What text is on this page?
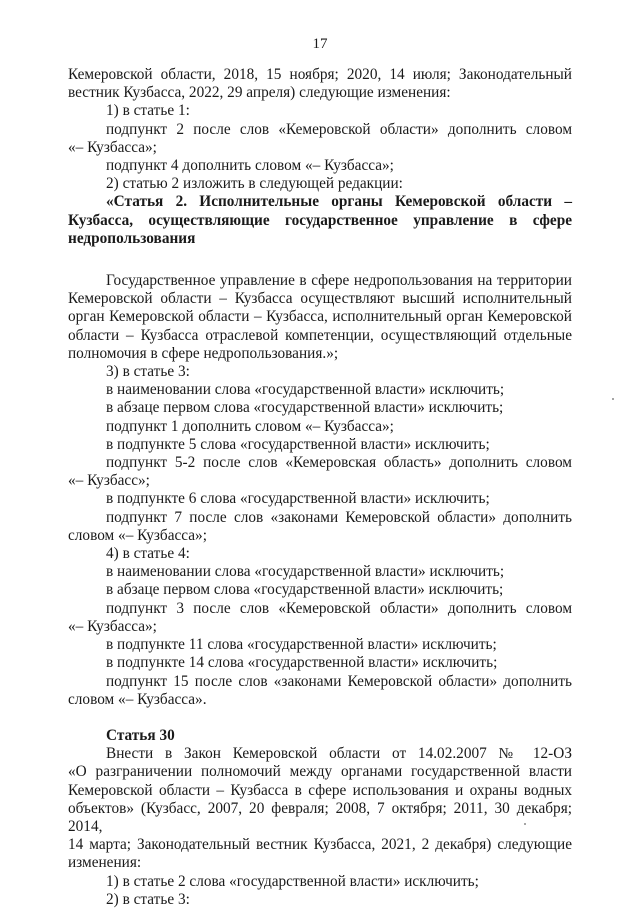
17

Кемеровской области, 2018, 15 ноября; 2020, 14 июля; Законодательный

вестник Кузбасса, 2022, 29 апреля) следующие изменения:

1) в статье 1:

подпункт 2 после слов «Кемеровской области» дополнить словом

«– Кузбасса»;

подпункт 4 дополнить словом «– Кузбасса»;

2) статью 2 изложить в следующей редакции:

«Статья 2. Исполнительные органы Кемеровской области –

Кузбасса, осуществляющие государственное управление в сфере

недропользования

Государственное управление в сфере недропользования на территории

Кемеровской области – Кузбасса осуществляют высший исполнительный

орган Кемеровской области – Кузбасса, исполнительный орган Кемеровской

области – Кузбасса отраслевой компетенции, осуществляющий отдельные

полномочия в сфере недропользования.»;

3) в статье 3:

в наименовании слова «государственной власти» исключить;

в абзаце первом слова «государственной власти» исключить;

подпункт 1 дополнить словом «– Кузбасса»;

в подпункте 5 слова «государственной власти» исключить;

подпункт 5-2 после слов «Кемеровская область» дополнить словом

«– Кузбасс»;

в подпункте 6 слова «государственной власти» исключить;

подпункт 7 после слов «законами Кемеровской области» дополнить

словом «– Кузбасса»;

4) в статье 4:

в наименовании слова «государственной власти» исключить;

в абзаце первом слова «государственной власти» исключить;

подпункт 3 после слов «Кемеровской области» дополнить словом

«– Кузбасса»;

в подпункте 11 слова «государственной власти» исключить;

в подпункте 14 слова «государственной власти» исключить;

подпункт 15 после слов «законами Кемеровской области» дополнить

словом «– Кузбасса».

Статья 30

Внести в Закон Кемеровской области от 14.02.2007 № 12-ОЗ

«О разграничении полномочий между органами государственной власти

Кемеровской области – Кузбасса в сфере использования и охраны водных

объектов» (Кузбасс, 2007, 20 февраля; 2008, 7 октября; 2011, 30 декабря; 2014,

14 марта; Законодательный вестник Кузбасса, 2021, 2 декабря) следующие

изменения:

1) в статье 2 слова «государственной власти» исключить;

2) в статье 3:
